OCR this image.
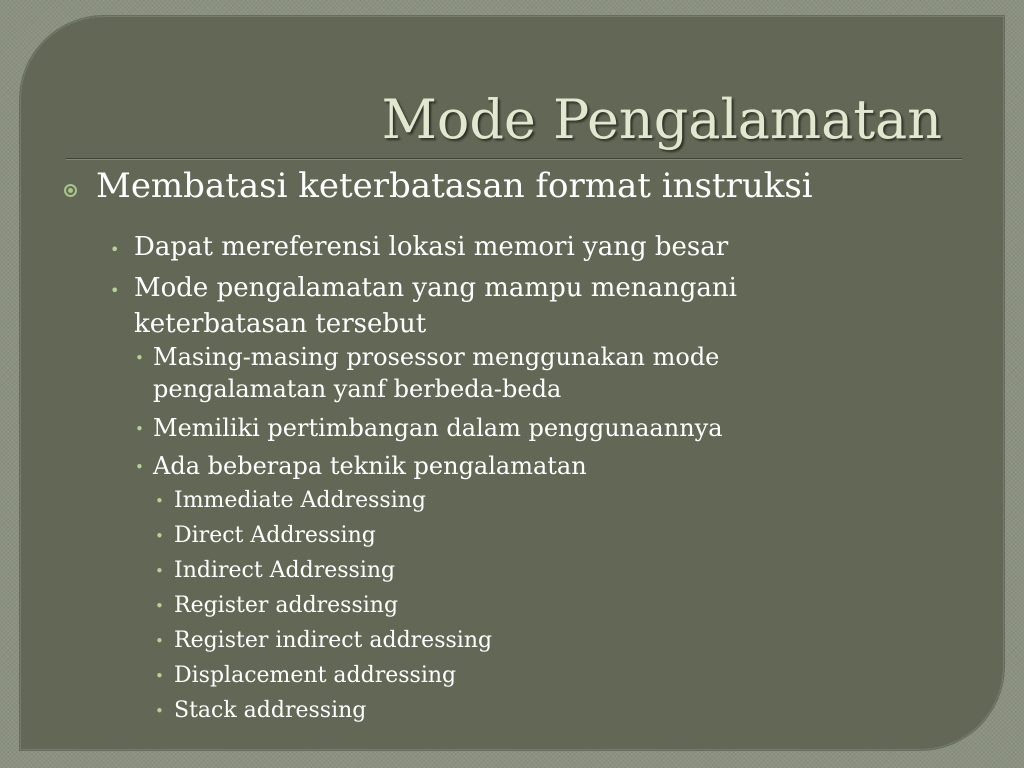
Mode Pengalamatan
Membatasi keterbatasan format instruksi
• Dapat mereferensi lokasi memori yang besar
• Mode pengalamatan yang mampu menangani keterbatasan tersebut
• Masing-masing prosessor menggunakan mode pengalamatan yanf berbeda-beda
• Memiliki pertimbangan dalam penggunaannya
• Ada beberapa teknik pengalamatan
• Immediate Addressing
• Direct Addressing
• Indirect Addressing
• Register addressing
• Register indirect addressing
• Displacement addressing
• Stack addressing
